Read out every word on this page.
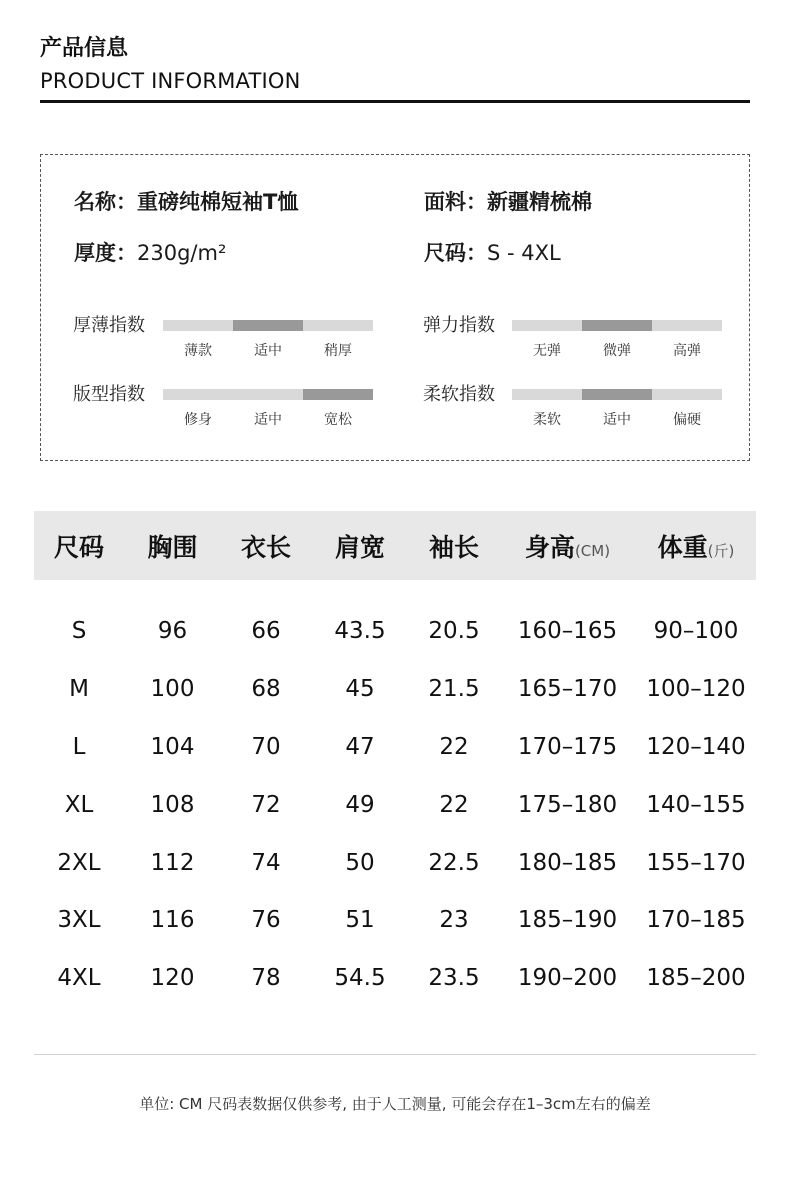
产品信息
PRODUCT INFORMATION
名称：重磅纯棉短袖T恤	面料：新疆精梳棉
厚度：230g/m²	尺码：S - 4XL
厚薄指数
薄款	适中	稍厚
弹力指数
无弹	微弹	高弹
版型指数
修身	适中	宽松
柔软指数
柔软	适中	偏硬
尺码	胸围	衣长	肩宽	袖长	身高(CM)	体重(斤)
S	96	66	43.5	20.5	160–165	90–100
M	100	68	45	21.5	165–170	100–120
L	104	70	47	22	170–175	120–140
XL	108	72	49	22	175–180	140–155
2XL	112	74	50	22.5	180–185	155–170
3XL	116	76	51	23	185–190	170–185
4XL	120	78	54.5	23.5	190–200	185–200
单位: CM 尺码表数据仅供参考, 由于人工测量, 可能会存在1–3cm左右的偏差
